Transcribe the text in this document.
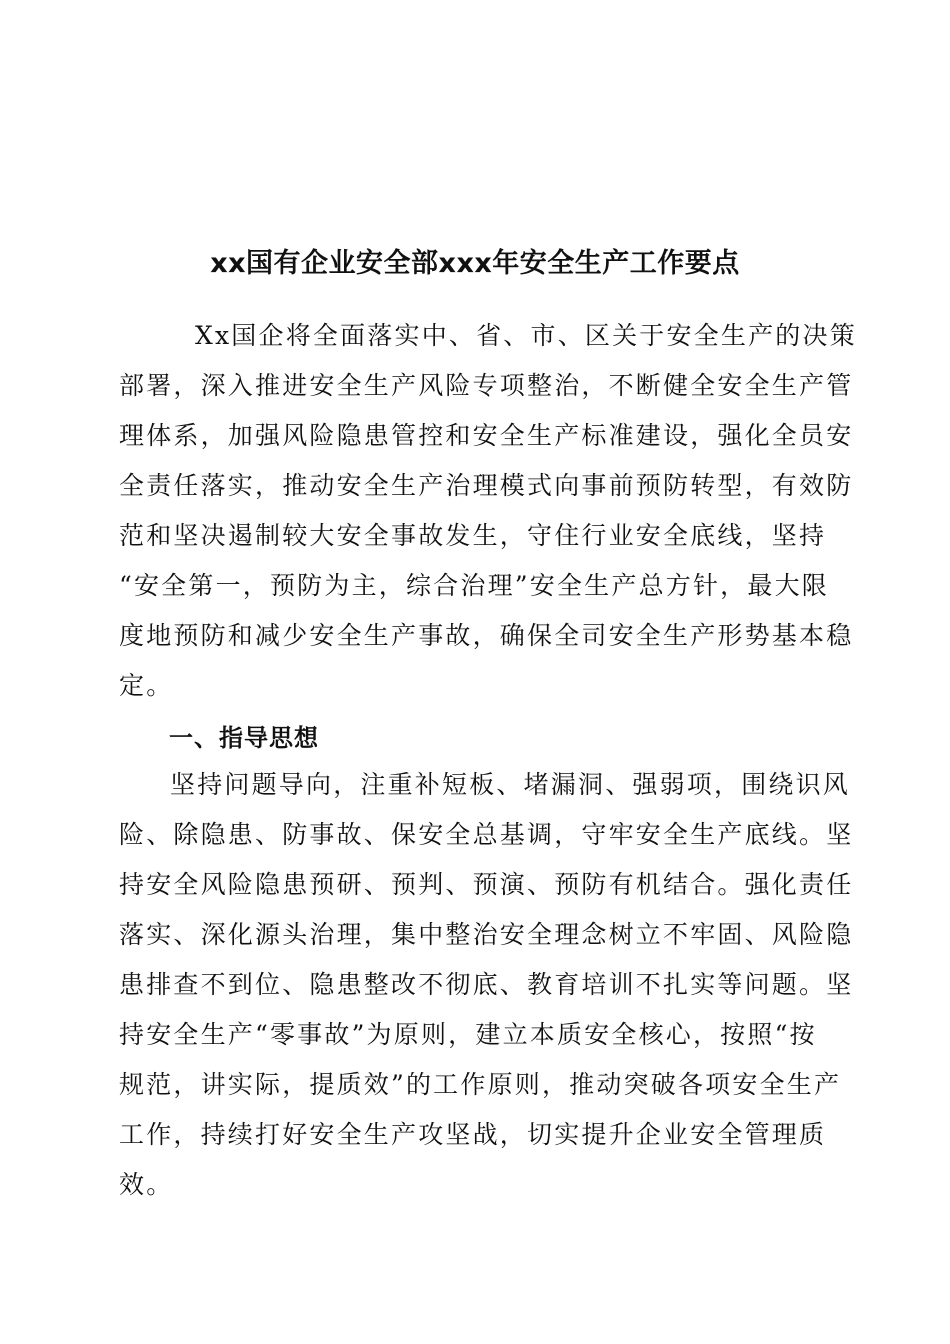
xx国有企业安全部xxx年安全生产工作要点
Xx国企将全面落实中、省、市、区关于安全生产的决策
部署，深入推进安全生产风险专项整治，不断健全安全生产管
理体系，加强风险隐患管控和安全生产标准建设，强化全员安
全责任落实，推动安全生产治理模式向事前预防转型，有效防
范和坚决遏制较大安全事故发生，守住行业安全底线，坚持
“安全第一，预防为主，综合治理”安全生产总方针，最大限
度地预防和减少安全生产事故，确保全司安全生产形势基本稳
定。
一、指导思想
坚持问题导向，注重补短板、堵漏洞、强弱项，围绕识风
险、除隐患、防事故、保安全总基调，守牢安全生产底线。坚
持安全风险隐患预研、预判、预演、预防有机结合。强化责任
落实、深化源头治理，集中整治安全理念树立不牢固、风险隐
患排查不到位、隐患整改不彻底、教育培训不扎实等问题。坚
持安全生产“零事故”为原则，建立本质安全核心，按照“按
规范，讲实际，提质效”的工作原则，推动突破各项安全生产
工作，持续打好安全生产攻坚战，切实提升企业安全管理质
效。
